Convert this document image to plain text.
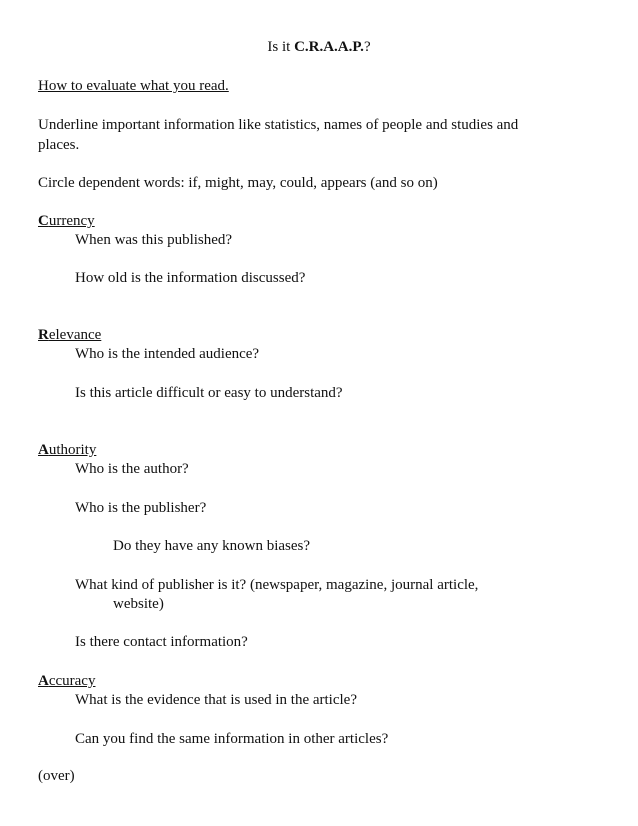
Is it C.R.A.A.P.?
How to evaluate what you read.
Underline important information like statistics, names of people and studies and
places.
Circle dependent words: if, might, may, could, appears (and so on)
Currency
When was this published?
How old is the information discussed?
Relevance
Who is the intended audience?
Is this article difficult or easy to understand?
Authority
Who is the author?
Who is the publisher?
Do they have any known biases?
What kind of publisher is it? (newspaper, magazine, journal article,
website)
Is there contact information?
Accuracy
What is the evidence that is used in the article?
Can you find the same information in other articles?
(over)
